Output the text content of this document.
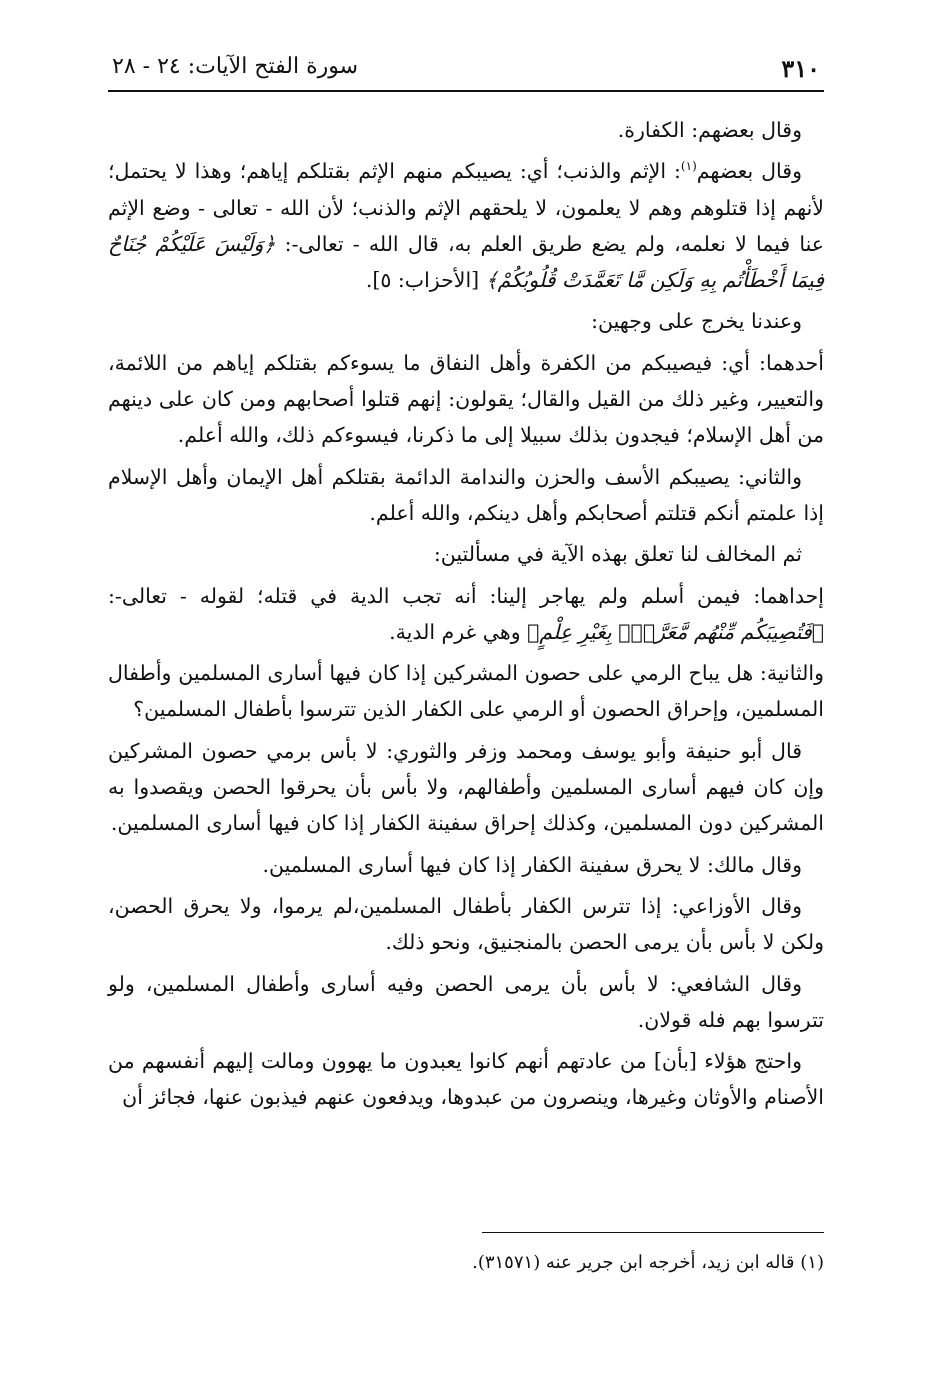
٣١٠
سورة الفتح الآيات: ٢٤ - ٢٨

وقال بعضهم: الكفارة.

وقال بعضهم$^{(١)}$: الإثم والذنب؛ أي: يصيبكم منهم الإثم بقتلكم إياهم؛ وهذا لا يحتمل؛ لأنهم إذا قتلوهم وهم لا يعلمون، لا يلحقهم الإثم والذنب؛ لأن الله - تعالى - وضع الإثم عنا فيما لا نعلمه، ولم يضع طريق العلم به، قال الله - تعالى-: ﴿وَلَيْسَ عَلَيْكُمْ جُنَاحٌ فِيمَا أَخْطَأْتُم بِهِ وَلَكِن مَّا تَعَمَّدَتْ قُلُوبُكُمْ﴾ [الأحزاب: ٥].

وعندنا يخرج على وجهين:

أحدهما: أي: فيصيبكم من الكفرة وأهل النفاق ما يسوءكم بقتلكم إياهم من اللائمة، والتعيير، وغير ذلك من القيل والقال؛ يقولون: إنهم قتلوا أصحابهم ومن كان على دينهم من أهل الإسلام؛ فيجدون بذلك سبيلا إلى ما ذكرنا، فيسوءكم ذلك، والله أعلم.

والثاني: يصيبكم الأسف والحزن والندامة الدائمة بقتلكم أهل الإيمان وأهل الإسلام إذا علمتم أنكم قتلتم أصحابكم وأهل دينكم، والله أعلم.

ثم المخالف لنا تعلق بهذه الآية في مسألتين:

إحداهما: فيمن أسلم ولم يهاجر إلينا: أنه تجب الدية في قتله؛ لقوله - تعالى-: ﴿فَتُصِيبَكُم مِّنْهُم مَّعَرَّةٌۢ بِغَيْرِ عِلْمٍ﴾ وهي غرم الدية.

والثانية: هل يباح الرمي على حصون المشركين إذا كان فيها أسارى المسلمين وأطفال المسلمين، وإحراق الحصون أو الرمي على الكفار الذين تترسوا بأطفال المسلمين؟

قال أبو حنيفة وأبو يوسف ومحمد وزفر والثوري: لا بأس برمي حصون المشركين وإن كان فيهم أسارى المسلمين وأطفالهم، ولا بأس بأن يحرقوا الحصن ويقصدوا به المشركين دون المسلمين، وكذلك إحراق سفينة الكفار إذا كان فيها أسارى المسلمين.

وقال مالك: لا يحرق سفينة الكفار إذا كان فيها أسارى المسلمين.

وقال الأوزاعي: إذا تترس الكفار بأطفال المسلمين،لم يرموا، ولا يحرق الحصن، ولكن لا بأس بأن يرمى الحصن بالمنجنيق، ونحو ذلك.

وقال الشافعي: لا بأس بأن يرمى الحصن وفيه أسارى وأطفال المسلمين، ولو تترسوا بهم فله قولان.

واحتج هؤلاء [بأن] من عادتهم أنهم كانوا يعبدون ما يهوون ومالت إليهم أنفسهم من الأصنام والأوثان وغيرها، وينصرون من عبدوها، ويدفعون عنهم فيذبون عنها، فجائز أن

(١) قاله ابن زيد، أخرجه ابن جرير عنه (٣١٥٧١).
